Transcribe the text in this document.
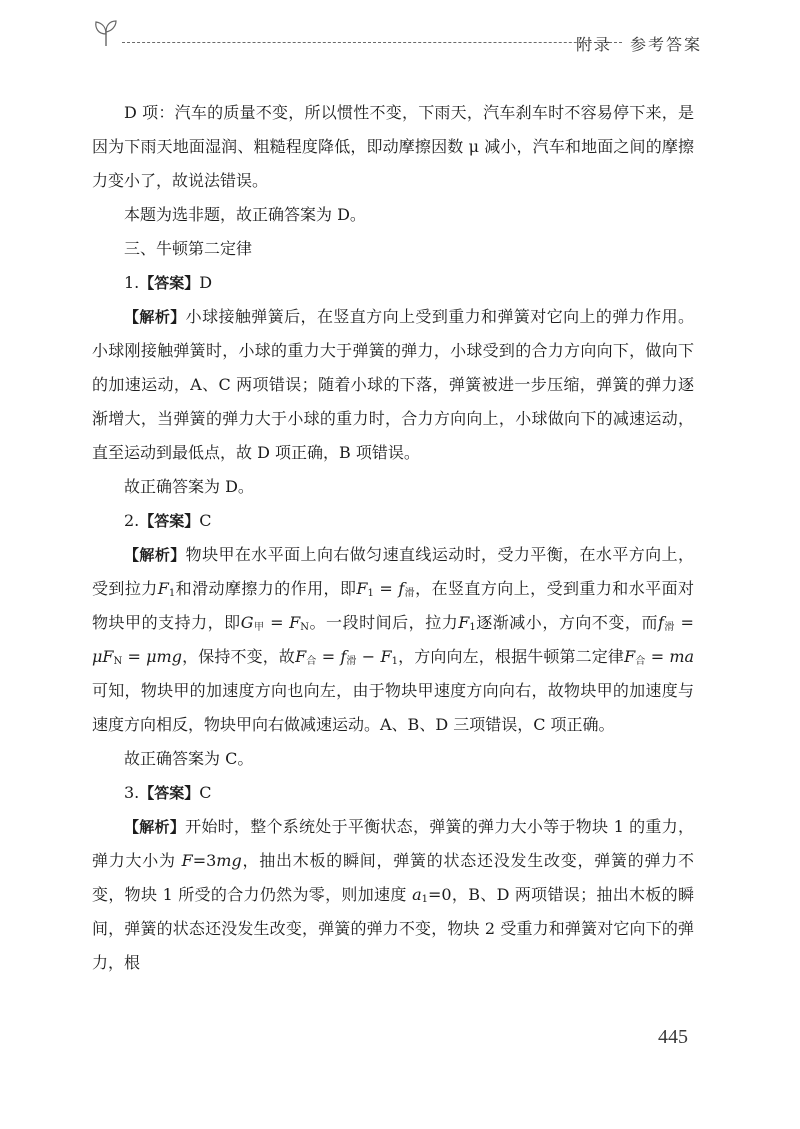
附录 参考答案

D 项：汽车的质量不变，所以惯性不变，下雨天，汽车刹车时不容易停下来，是因为下雨天地面湿润、粗糙程度降低，即动摩擦因数 μ 减小，汽车和地面之间的摩擦力变小了，故说法错误。

本题为选非题，故正确答案为 D。

三、牛顿第二定律

1.【答案】D

【解析】小球接触弹簧后，在竖直方向上受到重力和弹簧对它向上的弹力作用。小球刚接触弹簧时，小球的重力大于弹簧的弹力，小球受到的合力方向向下，做向下的加速运动，A、C 两项错误；随着小球的下落，弹簧被进一步压缩，弹簧的弹力逐渐增大，当弹簧的弹力大于小球的重力时，合力方向向上，小球做向下的减速运动，直至运动到最低点，故 D 项正确，B 项错误。

故正确答案为 D。

2.【答案】C

【解析】物块甲在水平面上向右做匀速直线运动时，受力平衡，在水平方向上，受到拉力$F_1$和滑动摩擦力的作用，即$F_1 = f_滑$，在竖直方向上，受到重力和水平面对物块甲的支持力，即$G_甲 = F_N$。一段时间后，拉力$F_1$逐渐减小，方向不变，而$f_滑 = \mu F_N = \mu mg$，保持不变，故$F_合 = f_滑 - F_1$，方向向左，根据牛顿第二定律$F_合$ = ma可知，物块甲的加速度方向也向左，由于物块甲速度方向向右，故物块甲的加速度与速度方向相反，物块甲向右做减速运动。A、B、D 三项错误，C 项正确。

故正确答案为 C。

3.【答案】C

【解析】开始时，整个系统处于平衡状态，弹簧的弹力大小等于物块 1 的重力，弹力大小为 F=3mg，抽出木板的瞬间，弹簧的状态还没发生改变，弹簧的弹力不变，物块 1 所受的合力仍然为零，则加速度 $a_1=0$，B、D 两项错误；抽出木板的瞬间，弹簧的状态还没发生改变，弹簧的弹力不变，物块 2 受重力和弹簧对它向下的弹力，根

445
